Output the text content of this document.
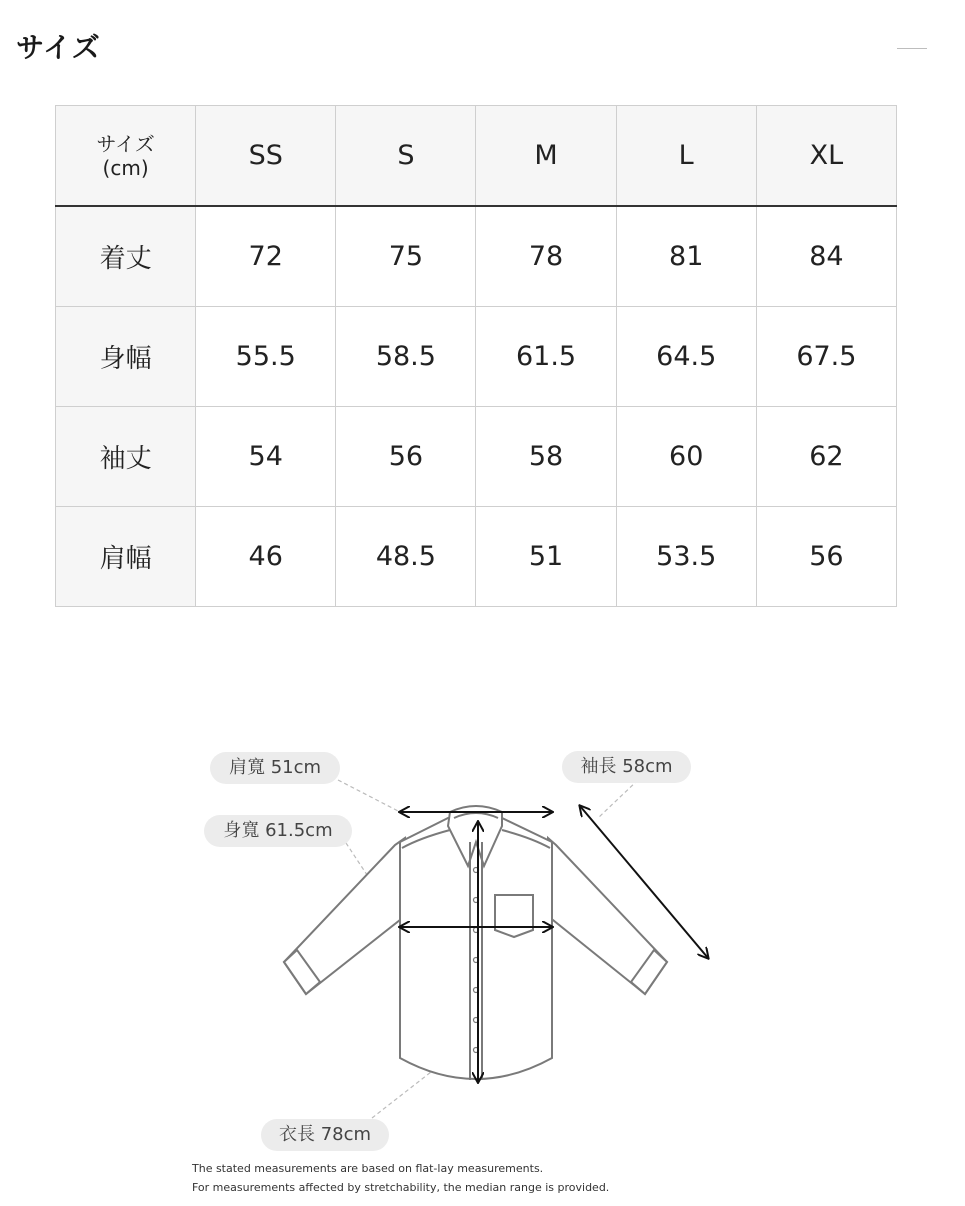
サイズ
サイズ
(cm)	SS	S	M	L	XL
着丈	72	75	78	81	84
身幅	55.5	58.5	61.5	64.5	67.5
袖丈	54	56	58	60	62
肩幅	46	48.5	51	53.5	56
肩寬 51cm	袖長 58cm
身寬 61.5cm
衣長 78cm
The stated measurements are based on flat-lay measurements.
For measurements affected by stretchability, the median range is provided.
